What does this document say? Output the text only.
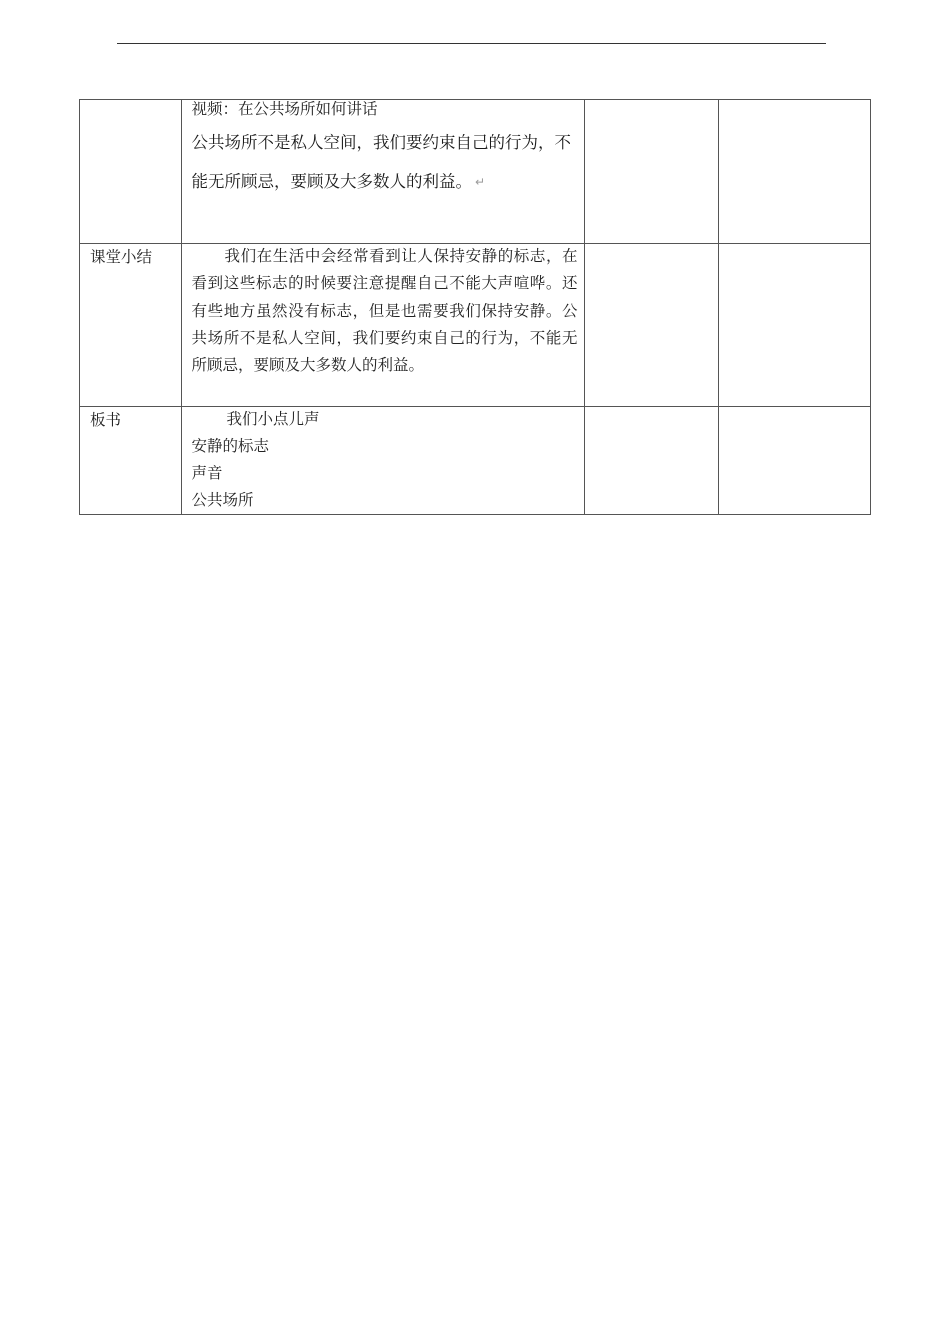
	视频：在公共场所如何讲话
公共场所不是私人空间，我们要约束自己的行为，不能无所顾忌，要顾及大多数人的利益。 ↵		

课堂小结	我们在生活中会经常看到让人保持安静的标志，在看到这些标志的时候要注意提醒自己不能大声喧哗。还有些地方虽然没有标志，但是也需要我们保持安静。公共场所不是私人空间，我们要约束自己的行为，不能无所顾忌，要顾及大多数人的利益。		

板书	我们小点儿声
安静的标志
声音
公共场所		
